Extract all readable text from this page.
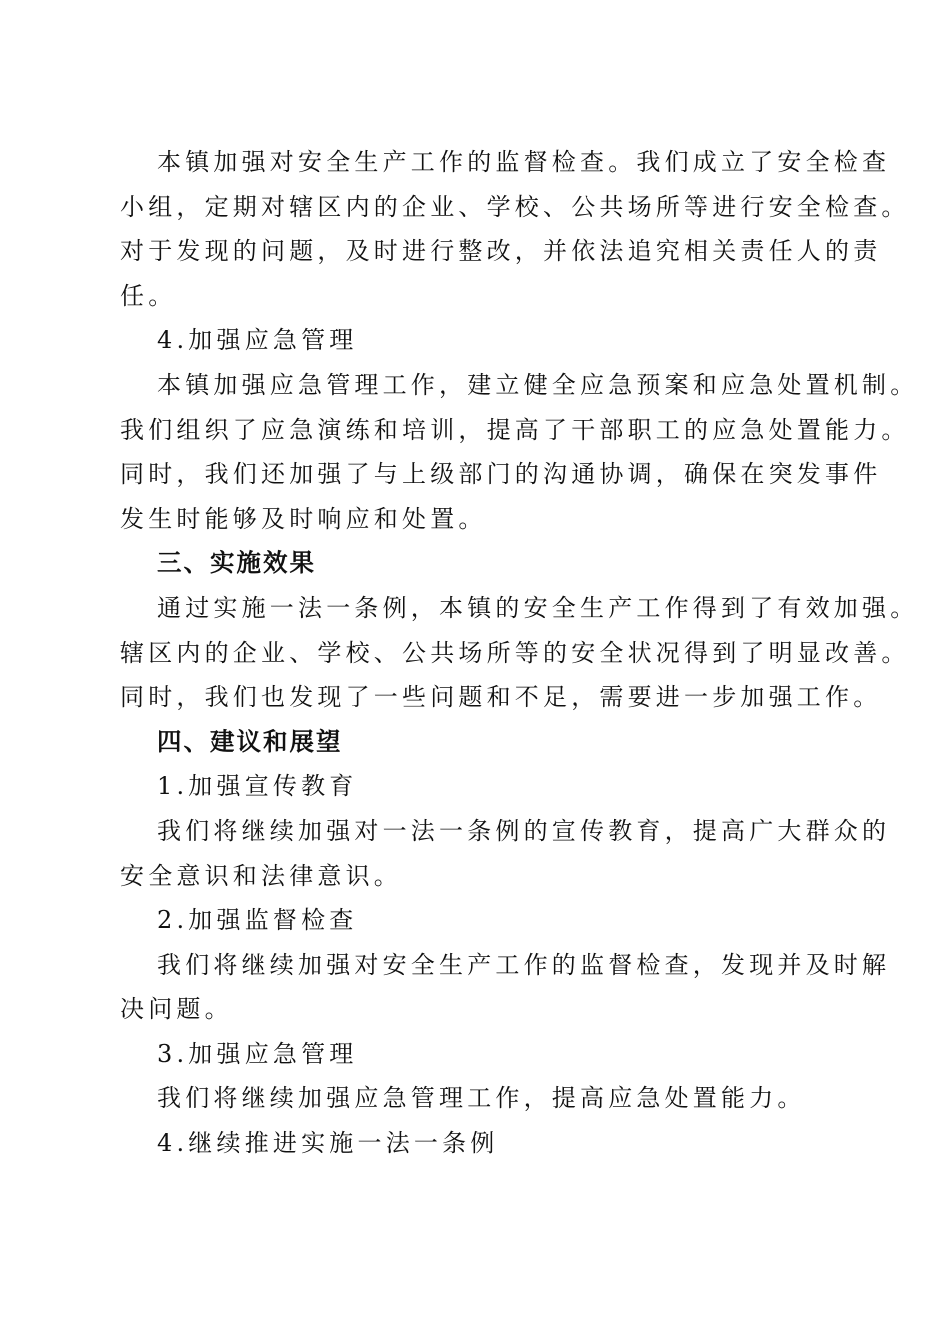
本镇加强对安全生产工作的监督检查。我们成立了安全检查
小组，定期对辖区内的企业、学校、公共场所等进行安全检查。
对于发现的问题，及时进行整改，并依法追究相关责任人的责
任。
4.加强应急管理
本镇加强应急管理工作，建立健全应急预案和应急处置机制。
我们组织了应急演练和培训，提高了干部职工的应急处置能力。
同时，我们还加强了与上级部门的沟通协调，确保在突发事件
发生时能够及时响应和处置。
三、实施效果
通过实施一法一条例，本镇的安全生产工作得到了有效加强。
辖区内的企业、学校、公共场所等的安全状况得到了明显改善。
同时，我们也发现了一些问题和不足，需要进一步加强工作。
四、建议和展望
1.加强宣传教育
我们将继续加强对一法一条例的宣传教育，提高广大群众的
安全意识和法律意识。
2.加强监督检查
我们将继续加强对安全生产工作的监督检查，发现并及时解
决问题。
3.加强应急管理
我们将继续加强应急管理工作，提高应急处置能力。
4.继续推进实施一法一条例
